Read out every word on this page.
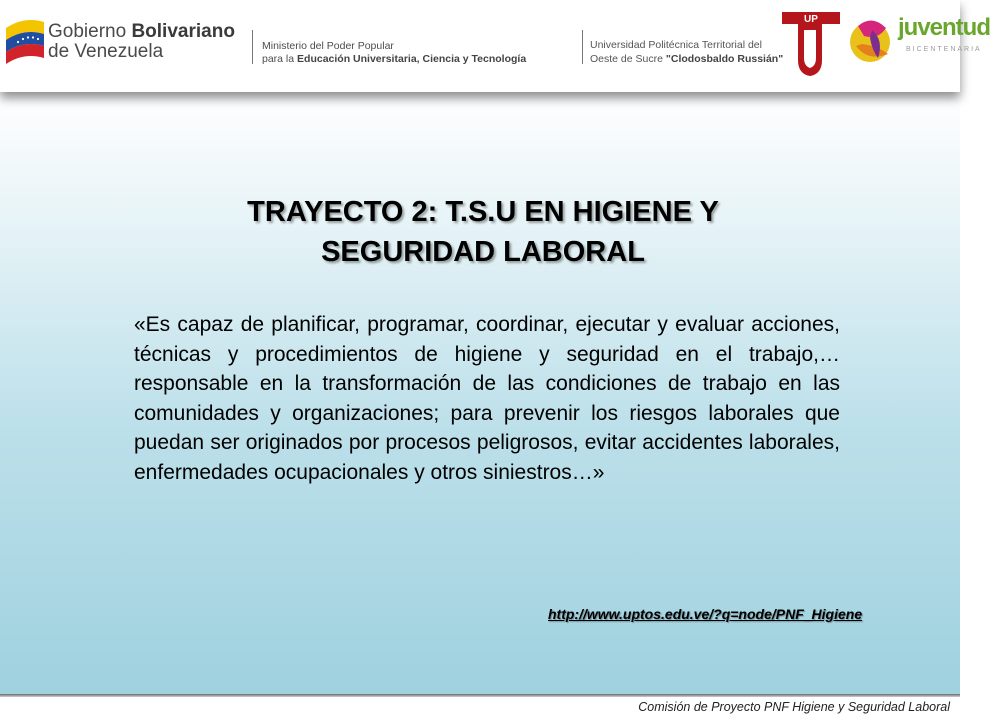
Gobierno Bolivariano
de Venezuela	Ministerio del Poder Popular
para la Educación Universitaria, Ciencia y Tecnología
Universidad Politécnica Territorial del
Oeste de Sucre "Clodosbaldo Russián"
UP	juventud
BICENTENARIA
TRAYECTO 2: T.S.U EN HIGIENE Y
SEGURIDAD LABORAL
«Es capaz de planificar, programar, coordinar, ejecutar y evaluar acciones, técnicas y procedimientos de higiene y seguridad en el trabajo,… responsable en la transformación de las condiciones de trabajo en las comunidades y organizaciones; para prevenir los riesgos laborales que puedan ser originados por procesos peligrosos, evitar accidentes laborales, enfermedades ocupacionales y otros siniestros…»
http://www.uptos.edu.ve/?q=node/PNF_Higiene
Comisión de Proyecto PNF Higiene y Seguridad Laboral
